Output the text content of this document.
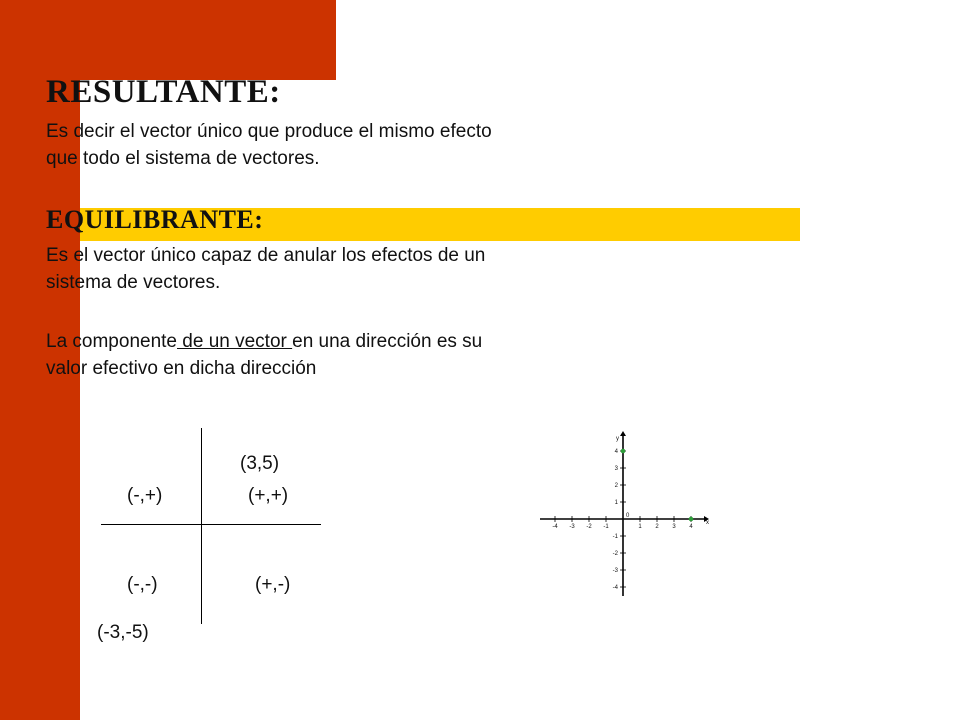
RESULTANTE:
Es decir el vector único que produce el mismo efecto
que todo el sistema de vectores.
EQUILIBRANTE:
Es el vector único capaz de anular los efectos de un
sistema de vectores.
La componente de un vector en una dirección es su
valor efectivo en dicha dirección
(3,5)
(-,+)	(+,+)
(-,-)	(+,-)
(-3,-5)
-4 -3 -2 -1	1 2 3 4
4
3
2
1
-1
-2
-3
-4
0
x
y
